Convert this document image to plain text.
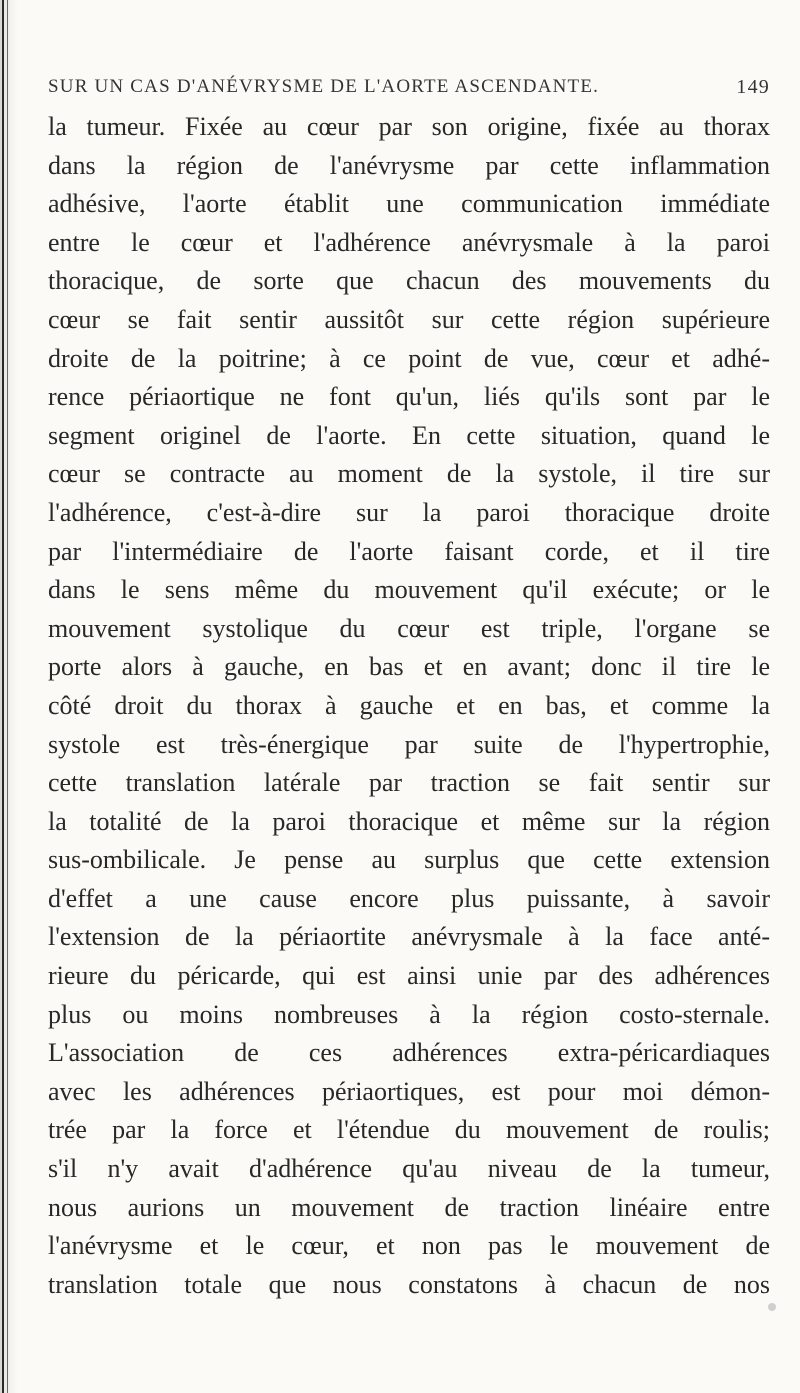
SUR UN CAS D'ANÉVRYSME DE L'AORTE ASCENDANTE.	149
la tumeur. Fixée au cœur par son origine, fixée au thorax
dans la région de l'anévrysme par cette inflammation
adhésive, l'aorte établit une communication immédiate
entre le cœur et l'adhérence anévrysmale à la paroi
thoracique, de sorte que chacun des mouvements du
cœur se fait sentir aussitôt sur cette région supérieure
droite de la poitrine; à ce point de vue, cœur et adhé-
rence périaortique ne font qu'un, liés qu'ils sont par le
segment originel de l'aorte. En cette situation, quand le
cœur se contracte au moment de la systole, il tire sur
l'adhérence, c'est-à-dire sur la paroi thoracique droite
par l'intermédiaire de l'aorte faisant corde, et il tire
dans le sens même du mouvement qu'il exécute; or le
mouvement systolique du cœur est triple, l'organe se
porte alors à gauche, en bas et en avant; donc il tire le
côté droit du thorax à gauche et en bas, et comme la
systole est très-énergique par suite de l'hypertrophie,
cette translation latérale par traction se fait sentir sur
la totalité de la paroi thoracique et même sur la région
sus-ombilicale. Je pense au surplus que cette extension
d'effet a une cause encore plus puissante, à savoir
l'extension de la périaortite anévrysmale à la face anté-
rieure du péricarde, qui est ainsi unie par des adhérences
plus ou moins nombreuses à la région costo-sternale.
L'association de ces adhérences extra-péricardiaques
avec les adhérences périaortiques, est pour moi démon-
trée par la force et l'étendue du mouvement de roulis;
s'il n'y avait d'adhérence qu'au niveau de la tumeur,
nous aurions un mouvement de traction linéaire entre
l'anévrysme et le cœur, et non pas le mouvement de
translation totale que nous constatons à chacun de nos
